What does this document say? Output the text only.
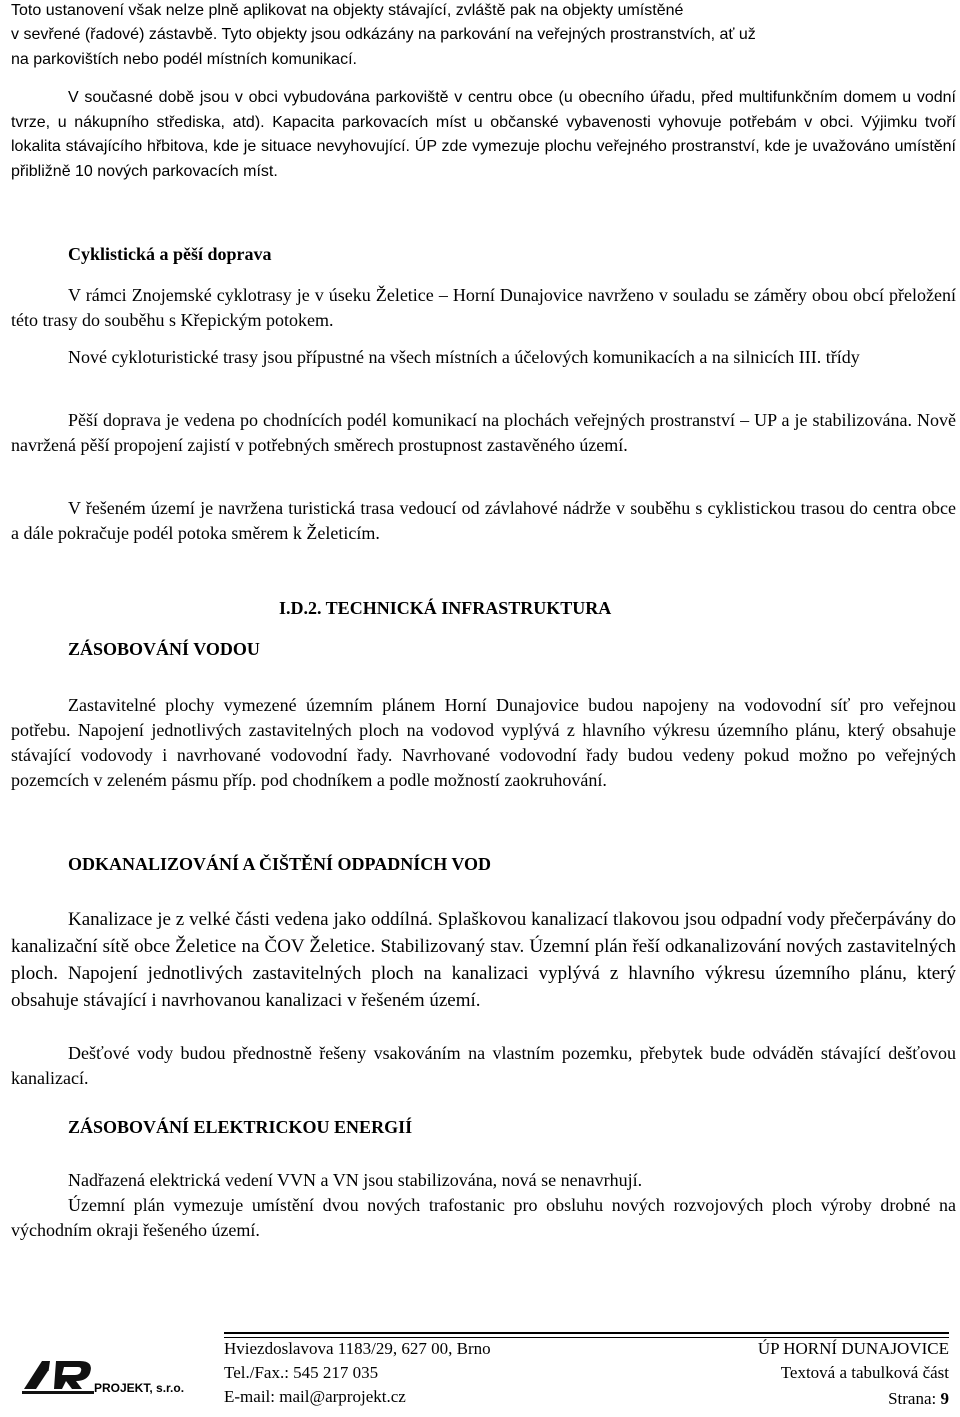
Toto ustanovení však nelze plně aplikovat na objekty stávající, zvláště pak na objekty umístěné

v sevřené (řadové) zástavbě. Tyto objekty jsou odkázány na parkování na veřejných prostranstvích, ať už

na parkovištích nebo podél místních komunikací.

V současné době jsou v obci vybudována parkoviště v centru obce (u obecního úřadu, před multifunkčním domem u vodní tvrze, u nákupního střediska, atd). Kapacita parkovacích míst u občanské vybavenosti vyhovuje potřebám v obci. Výjimku tvoří lokalita stávajícího hřbitova, kde je situace nevyhovující. ÚP zde vymezuje plochu veřejného prostranství, kde je uvažováno umístění přibližně 10 nových parkovacích míst.

Cyklistická a pěší doprava

V rámci Znojemské cyklotrasy je v úseku Želetice – Horní Dunajovice navrženo v souladu se záměry obou obcí přeložení této trasy do souběhu s Křepickým potokem.

Nové cykloturistické trasy jsou přípustné na všech místních a účelových komunikacích a na silnicích III. třídy

Pěší doprava je vedena po chodnících podél komunikací na plochách veřejných prostranství – UP a je stabilizována. Nově navržená pěší propojení zajistí v potřebných směrech prostupnost zastavěného území.

V řešeném území je navržena turistická trasa vedoucí od závlahové nádrže v souběhu s cyklistickou trasou do centra obce a dále pokračuje podél potoka směrem k Želeticím.

I.D.2. TECHNICKÁ INFRASTRUKTURA
ZÁSOBOVÁNÍ VODOU

Zastavitelné plochy vymezené územním plánem Horní Dunajovice budou napojeny na vodovodní síť pro veřejnou potřebu. Napojení jednotlivých zastavitelných ploch na vodovod vyplývá z hlavního výkresu územního plánu, který obsahuje stávající vodovody i navrhované vodovodní řady. Navrhované vodovodní řady budou vedeny pokud možno po veřejných pozemcích v zeleném pásmu příp. pod chodníkem a podle možností zaokruhování.

ODKANALIZOVÁNÍ A ČIŠTĚNÍ ODPADNÍCH VOD

Kanalizace je z velké části vedena jako oddílná. Splaškovou kanalizací tlakovou jsou odpadní vody přečerpávány do kanalizační sítě obce Želetice na ČOV Želetice. Stabilizovaný stav. Územní plán řeší odkanalizování nových zastavitelných ploch. Napojení jednotlivých zastavitelných ploch na kanalizaci vyplývá z hlavního výkresu územního plánu, který obsahuje stávající i navrhovanou kanalizaci v řešeném území.

Dešťové vody budou přednostně řešeny vsakováním na vlastním pozemku, přebytek bude odváděn stávající dešťovou kanalizací.

ZÁSOBOVÁNÍ ELEKTRICKOU ENERGIÍ

Nadřazená elektrická vedení VVN a VN jsou stabilizována, nová se nenavrhují.

Územní plán vymezuje umístění dvou nových trafostanic pro obsluhu nových rozvojových ploch výroby drobné na východním okraji řešeného území.

PROJEKT, s.r.o.
Hviezdoslavova 1183/29, 627 00, Brno
Tel./Fax.: 545 217 035
E-mail: mail@arprojekt.cz
ÚP HORNÍ DUNAJOVICE
Textová a tabulková část
Strana: 9
